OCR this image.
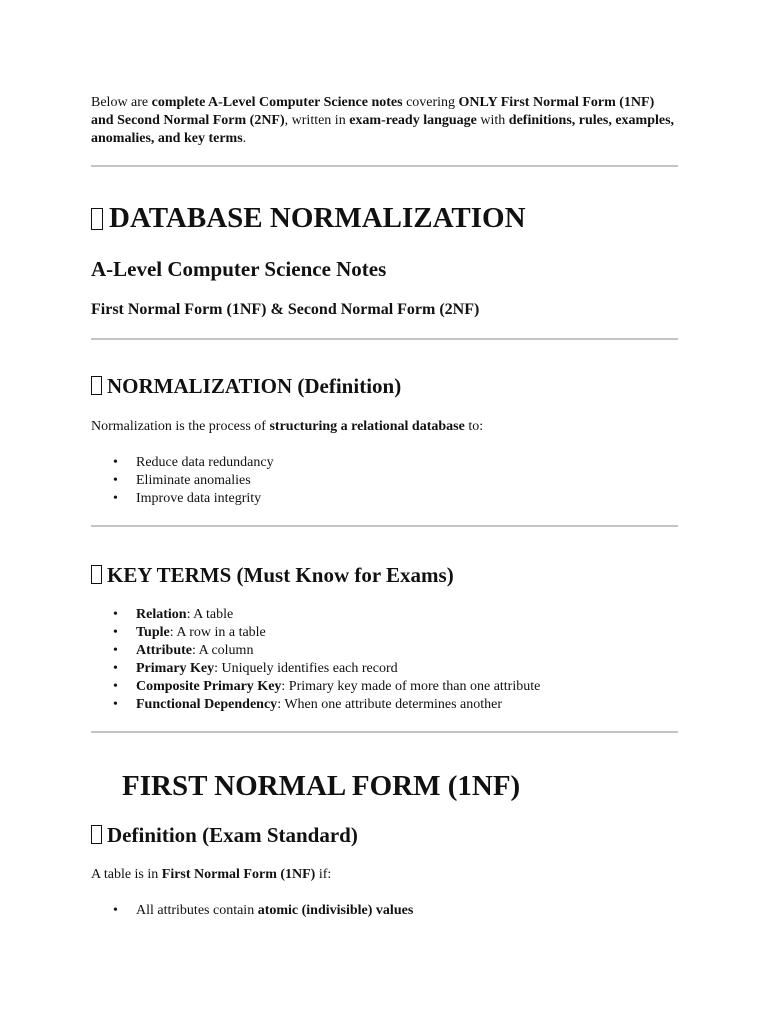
Below are complete A-Level Computer Science notes covering ONLY First Normal Form (1NF) and Second Normal Form (2NF), written in exam-ready language with definitions, rules, examples, anomalies, and key terms.

DATABASE NORMALIZATION
A-Level Computer Science Notes
First Normal Form (1NF) & Second Normal Form (2NF)
NORMALIZATION (Definition)

Normalization is the process of structuring a relational database to:

• Reduce data redundancy
• Eliminate anomalies
• Improve data integrity
KEY TERMS (Must Know for Exams)
• Relation: A table
• Tuple: A row in a table
• Attribute: A column
• Primary Key: Uniquely identifies each record
• Composite Primary Key: Primary key made of more than one attribute
• Functional Dependency: When one attribute determines another
FIRST NORMAL FORM (1NF)
Definition (Exam Standard)

A table is in First Normal Form (1NF) if:

• All attributes contain atomic (indivisible) values
